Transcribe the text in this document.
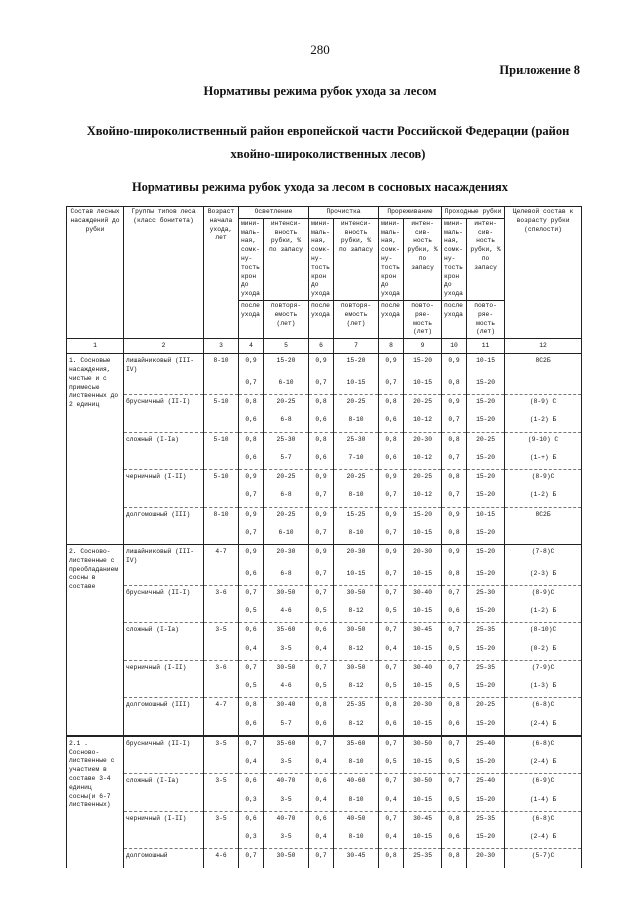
280
Приложение 8
Нормативы режима рубок ухода за лесом
Хвойно-широколиственный район европейской части Российской Федерации (район хвойно-широколиственных лесов)
Нормативы режима рубок ухода за лесом в сосновых насаждениях
Состав лесных насаждений до рубки	Группы типов леса (класс бонитета)	Возраст начала ухода, лет	Осветление		Прочистка		Прореживание		Проходные рубки		Целевой состав к возрасту рубки (спелости)
			мини-маль-ная, сомк-ну-тость крон до ухода	интенси-вность рубки, % по запасу	мини-маль-ная, сомк-ну-тость крон до ухода	интенси-вность рубки, % по запасу	мини-маль-ная, сомк-ну-тость крон до ухода	интен-сив-ность рубки, % по запасу	мини-маль-ная, сомк-ну-тость крон до ухода	интен-сив-ность рубки, % по запасу	
			после ухода	повторя-емость (лет)	после ухода	повторя-емость (лет)	после ухода	повто-ряе-мость (лет)	после ухода	повто-ряе-мость (лет)	
1	2	3	4	5	6	7	8	9	10	11	12
1. Сосновые насаждения, чистые и с примесью лиственных до 2 единиц	лишайниковый (III-IV)	8-10	0,9	15-20	0,9	15-20	0,9	15-20	0,9	10-15	8С2Б
			0,7	6-10	0,7	10-15	0,7	10-15	0,8	15-20	
	брусничный (II-I)	5-10	0,8	20-25	0,8	20-25	0,8	20-25	0,9	15-20	(8-9) С
			0,6	6-8	0,6	8-10	0,6	10-12	0,7	15-20	(1-2) Б
	сложный (I-Ia)	5-10	0,8	25-30	0,8	25-30	0,8	20-30	0,8	20-25	(9-10) С
			0,6	5-7	0,6	7-10	0,6	10-12	0,7	15-20	(1-+) Б
	черничный (I-II)	5-10	0,9	20-25	0,9	20-25	0,9	20-25	0,8	15-20	(8-9)С
			0,7	6-8	0,7	8-10	0,7	10-12	0,7	15-20	(1-2) Б
	долгомошный (III)	8-10	0,9	20-25	0,9	15-25	0,9	15-20	0,9	10-15	8С2Б
			0,7	6-10	0,7	8-10	0,7	10-15	0,8	15-20	
2. Сосново-лиственные с преобладанием сосны в составе	лишайниковый (III-IV)	4-7	0,9	20-30	0,9	20-30	0,9	20-30	0,9	15-20	(7-8)С
			0,6	6-8	0,7	10-15	0,7	10-15	0,8	15-20	(2-3) Б
	брусничный (II-I)	3-6	0,7	30-50	0,7	30-50	0,7	30-40	0,7	25-30	(8-9)С
			0,5	4-6	0,5	8-12	0,5	10-15	0,6	15-20	(1-2) Б
	сложный (I-Ia)	3-5	0,6	35-60	0,6	30-50	0,7	30-45	0,7	25-35	(8-10)С
			0,4	3-5	0,4	8-12	0,4	10-15	0,5	15-20	(0-2) Б
	черничный (I-II)	3-6	0,7	30-50	0,7	30-50	0,7	30-40	0,7	25-35	(7-9)С
			0,5	4-6	0,5	8-12	0,5	10-15	0,5	15-20	(1-3) Б
	долгомошный (III)	4-7	0,8	30-40	0,8	25-35	0,8	20-30	0,8	20-25	(6-8)С
			0,6	5-7	0,6	8-12	0,6	10-15	0,6	15-20	(2-4) Б
2.1 . Сосново-лиственные с участием в составе 3-4 единиц сосны(и 6-7 лиственных)	брусничный (II-I)	3-5	0,7	35-60	0,7	35-60	0,7	30-50	0,7	25-40	(6-8)С
			0,4	3-5	0,4	8-10	0,5	10-15	0,5	15-20	(2-4) Б
	сложный (I-Ia)	3-5	0,6	40-70	0,6	40-60	0,7	30-50	0,7	25-40	(6-9)С
			0,3	3-5	0,4	8-10	0,4	10-15	0,5	15-20	(1-4) Б
	черничный (I-II)	3-5	0,6	40-70	0,6	40-50	0,7	30-45	0,8	25-35	(6-8)С
			0,3	3-5	0,4	8-10	0,4	10-15	0,6	15-20	(2-4) Б
	долгомошный	4-6	0,7	30-50	0,7	30-45	0,8	25-35	0,8	20-30	(5-7)С
